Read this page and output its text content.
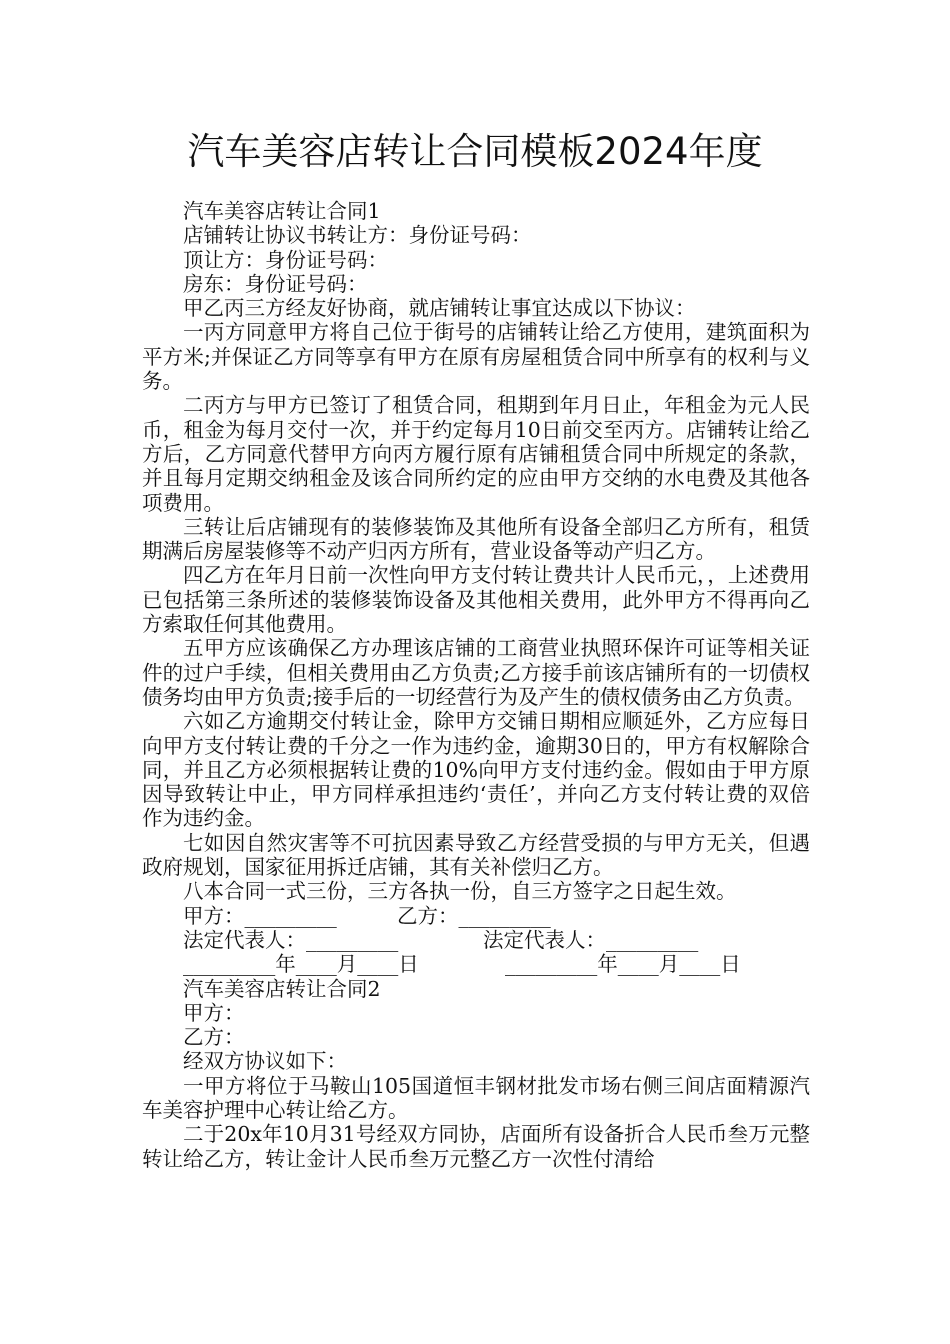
汽车美容店转让合同模板2024年度

汽车美容店转让合同1

店铺转让协议书转让方：身份证号码：

顶让方：身份证号码：

房东：身份证号码：

甲乙丙三方经友好协商，就店铺转让事宜达成以下协议：

一丙方同意甲方将自己位于街号的店铺转让给乙方使用，建筑面积为平方米;并保证乙方同等享有甲方在原有房屋租赁合同中所享有的权利与义务。

二丙方与甲方已签订了租赁合同，租期到年月日止，年租金为元人民币，租金为每月交付一次，并于约定每月10日前交至丙方。店铺转让给乙方后，乙方同意代替甲方向丙方履行原有店铺租赁合同中所规定的条款，并且每月定期交纳租金及该合同所约定的应由甲方交纳的水电费及其他各项费用。

三转让后店铺现有的装修装饰及其他所有设备全部归乙方所有，租赁期满后房屋装修等不动产归丙方所有，营业设备等动产归乙方。

四乙方在年月日前一次性向甲方支付转让费共计人民币元，，上述费用已包括第三条所述的装修装饰设备及其他相关费用，此外甲方不得再向乙方索取任何其他费用。

五甲方应该确保乙方办理该店铺的工商营业执照环保许可证等相关证件的过户手续，但相关费用由乙方负责;乙方接手前该店铺所有的一切债权债务均由甲方负责;接手后的一切经营行为及产生的债权债务由乙方负责。

六如乙方逾期交付转让金，除甲方交铺日期相应顺延外，乙方应每日向甲方支付转让费的千分之一作为违约金，逾期30日的，甲方有权解除合同，并且乙方必须根据转让费的10%向甲方支付违约金。假如由于甲方原因导致转让中止，甲方同样承担违约‘责任’，并向乙方支付转让费的双倍作为违约金。

七如因自然灾害等不可抗因素导致乙方经营受损的与甲方无关，但遇政府规划，国家征用拆迁店铺，其有关补偿归乙方。

八本合同一式三份，三方各执一份，自三方签字之日起生效。

甲方：_________	乙方：_________
法定代表人：_________	法定代表人：_________
_________年____月____日	_________年____月____日

汽车美容店转让合同2

甲方：

乙方：

经双方协议如下：

一甲方将位于马鞍山105国道恒丰钢材批发市场右侧三间店面精源汽车美容护理中心转让给乙方。

二于20x年10月31号经双方同协，店面所有设备折合人民币叁万元整转让给乙方，转让金计人民币叁万元整乙方一次性付清给
